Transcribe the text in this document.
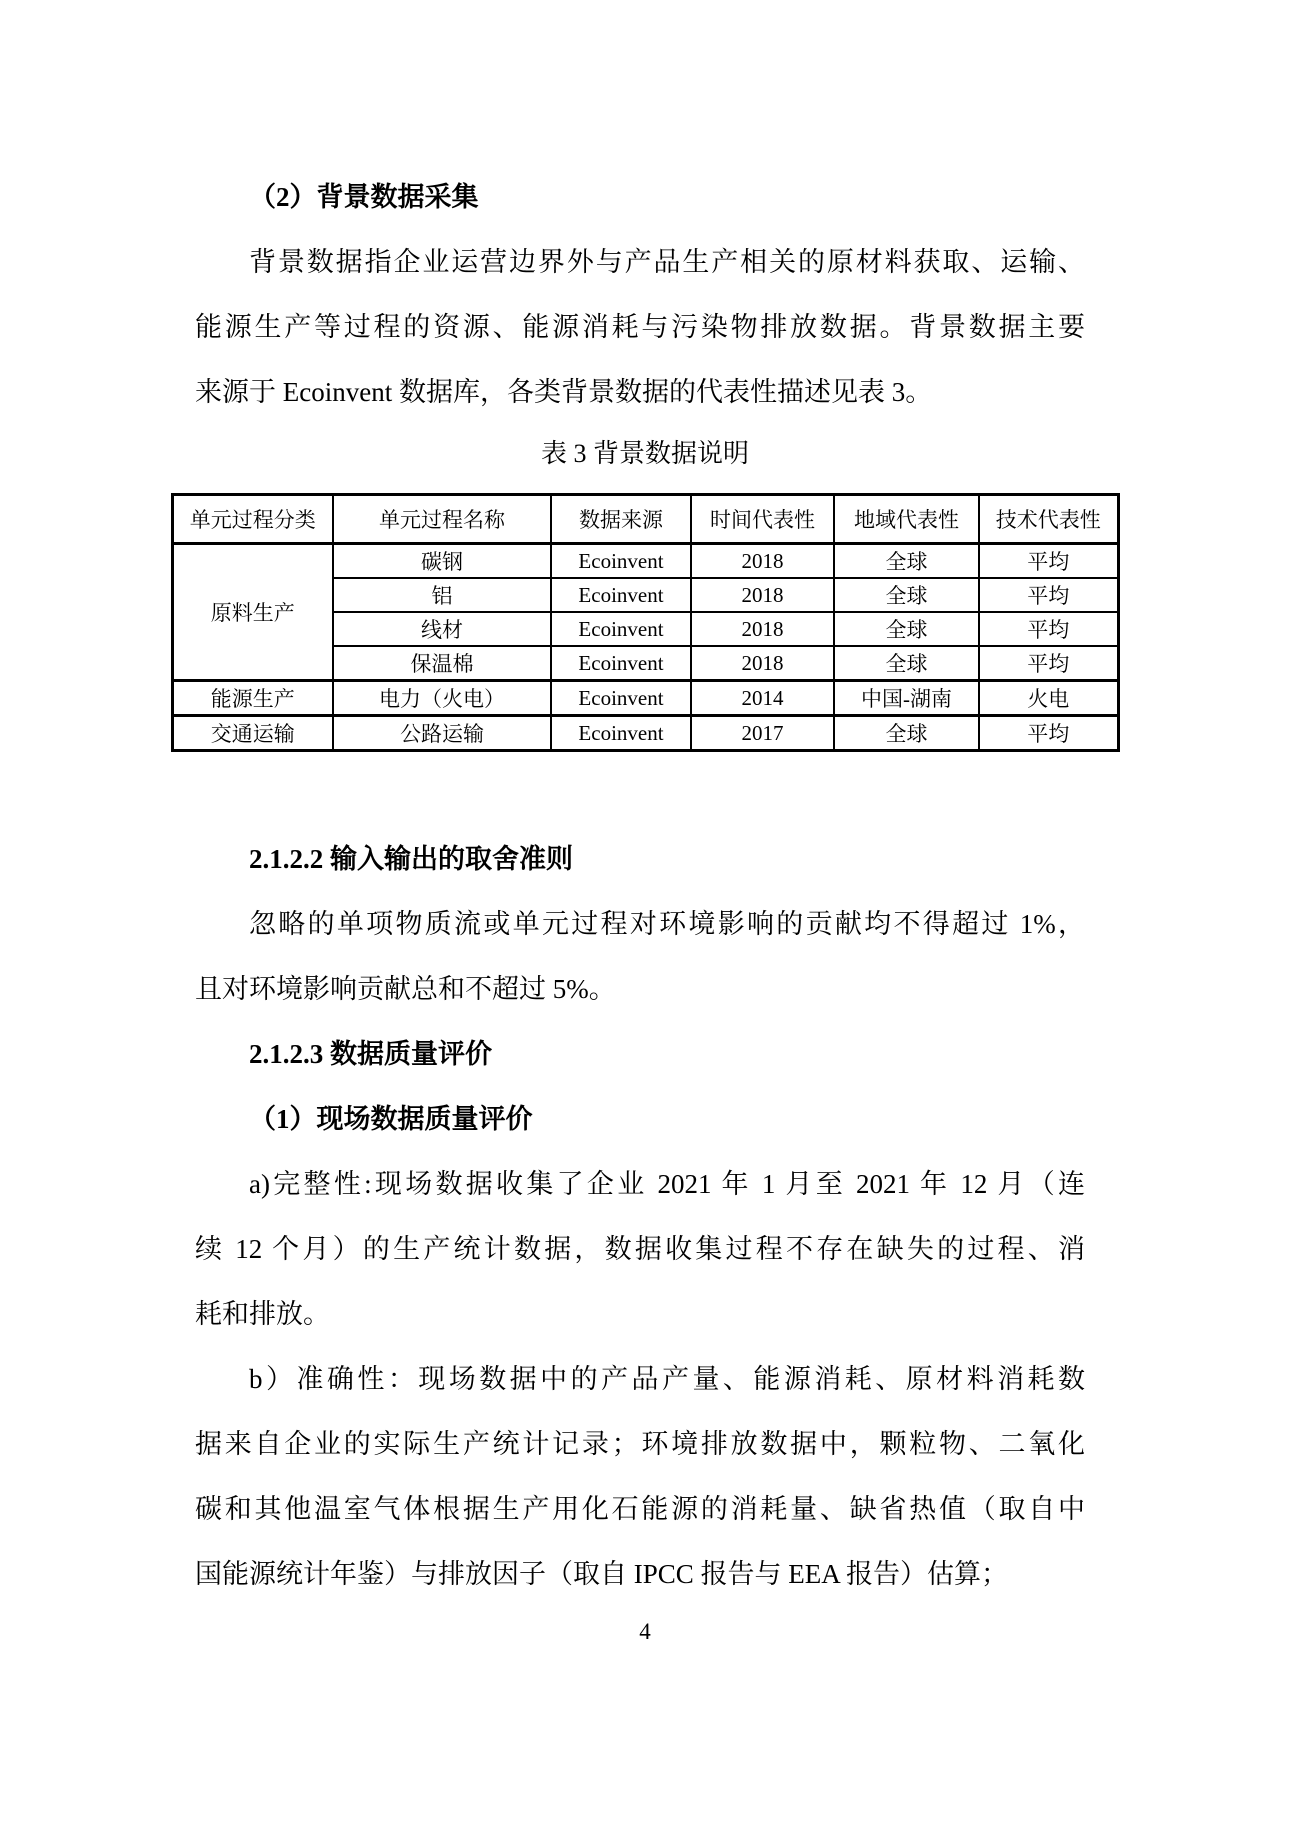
（2）背景数据采集
背景数据指企业运营边界外与产品生产相关的原材料获取、运输、
能源生产等过程的资源、能源消耗与污染物排放数据。背景数据主要
来源于 Ecoinvent 数据库，各类背景数据的代表性描述见表 3。
表 3 背景数据说明
单元过程分类	单元过程名称	数据来源	时间代表性	地域代表性	技术代表性
原料生产	碳钢	Ecoinvent	2018	全球	平均
	铝	Ecoinvent	2018	全球	平均
	线材	Ecoinvent	2018	全球	平均
	保温棉	Ecoinvent	2018	全球	平均
能源生产	电力（火电）	Ecoinvent	2014	中国-湖南	火电
交通运输	公路运输	Ecoinvent	2017	全球	平均
2.1.2.2 输入输出的取舍准则
忽略的单项物质流或单元过程对环境影响的贡献均不得超过 1%，
且对环境影响贡献总和不超过 5%。
2.1.2.3 数据质量评价
（1）现场数据质量评价
a)完整性:现场数据收集了企业 2021 年 1 月至 2021 年 12 月（连
续 12 个月）的生产统计数据，数据收集过程不存在缺失的过程、消
耗和排放。
b）准确性：现场数据中的产品产量、能源消耗、原材料消耗数
据来自企业的实际生产统计记录；环境排放数据中，颗粒物、二氧化
碳和其他温室气体根据生产用化石能源的消耗量、缺省热值（取自中
国能源统计年鉴）与排放因子（取自 IPCC 报告与 EEA 报告）估算；
4
